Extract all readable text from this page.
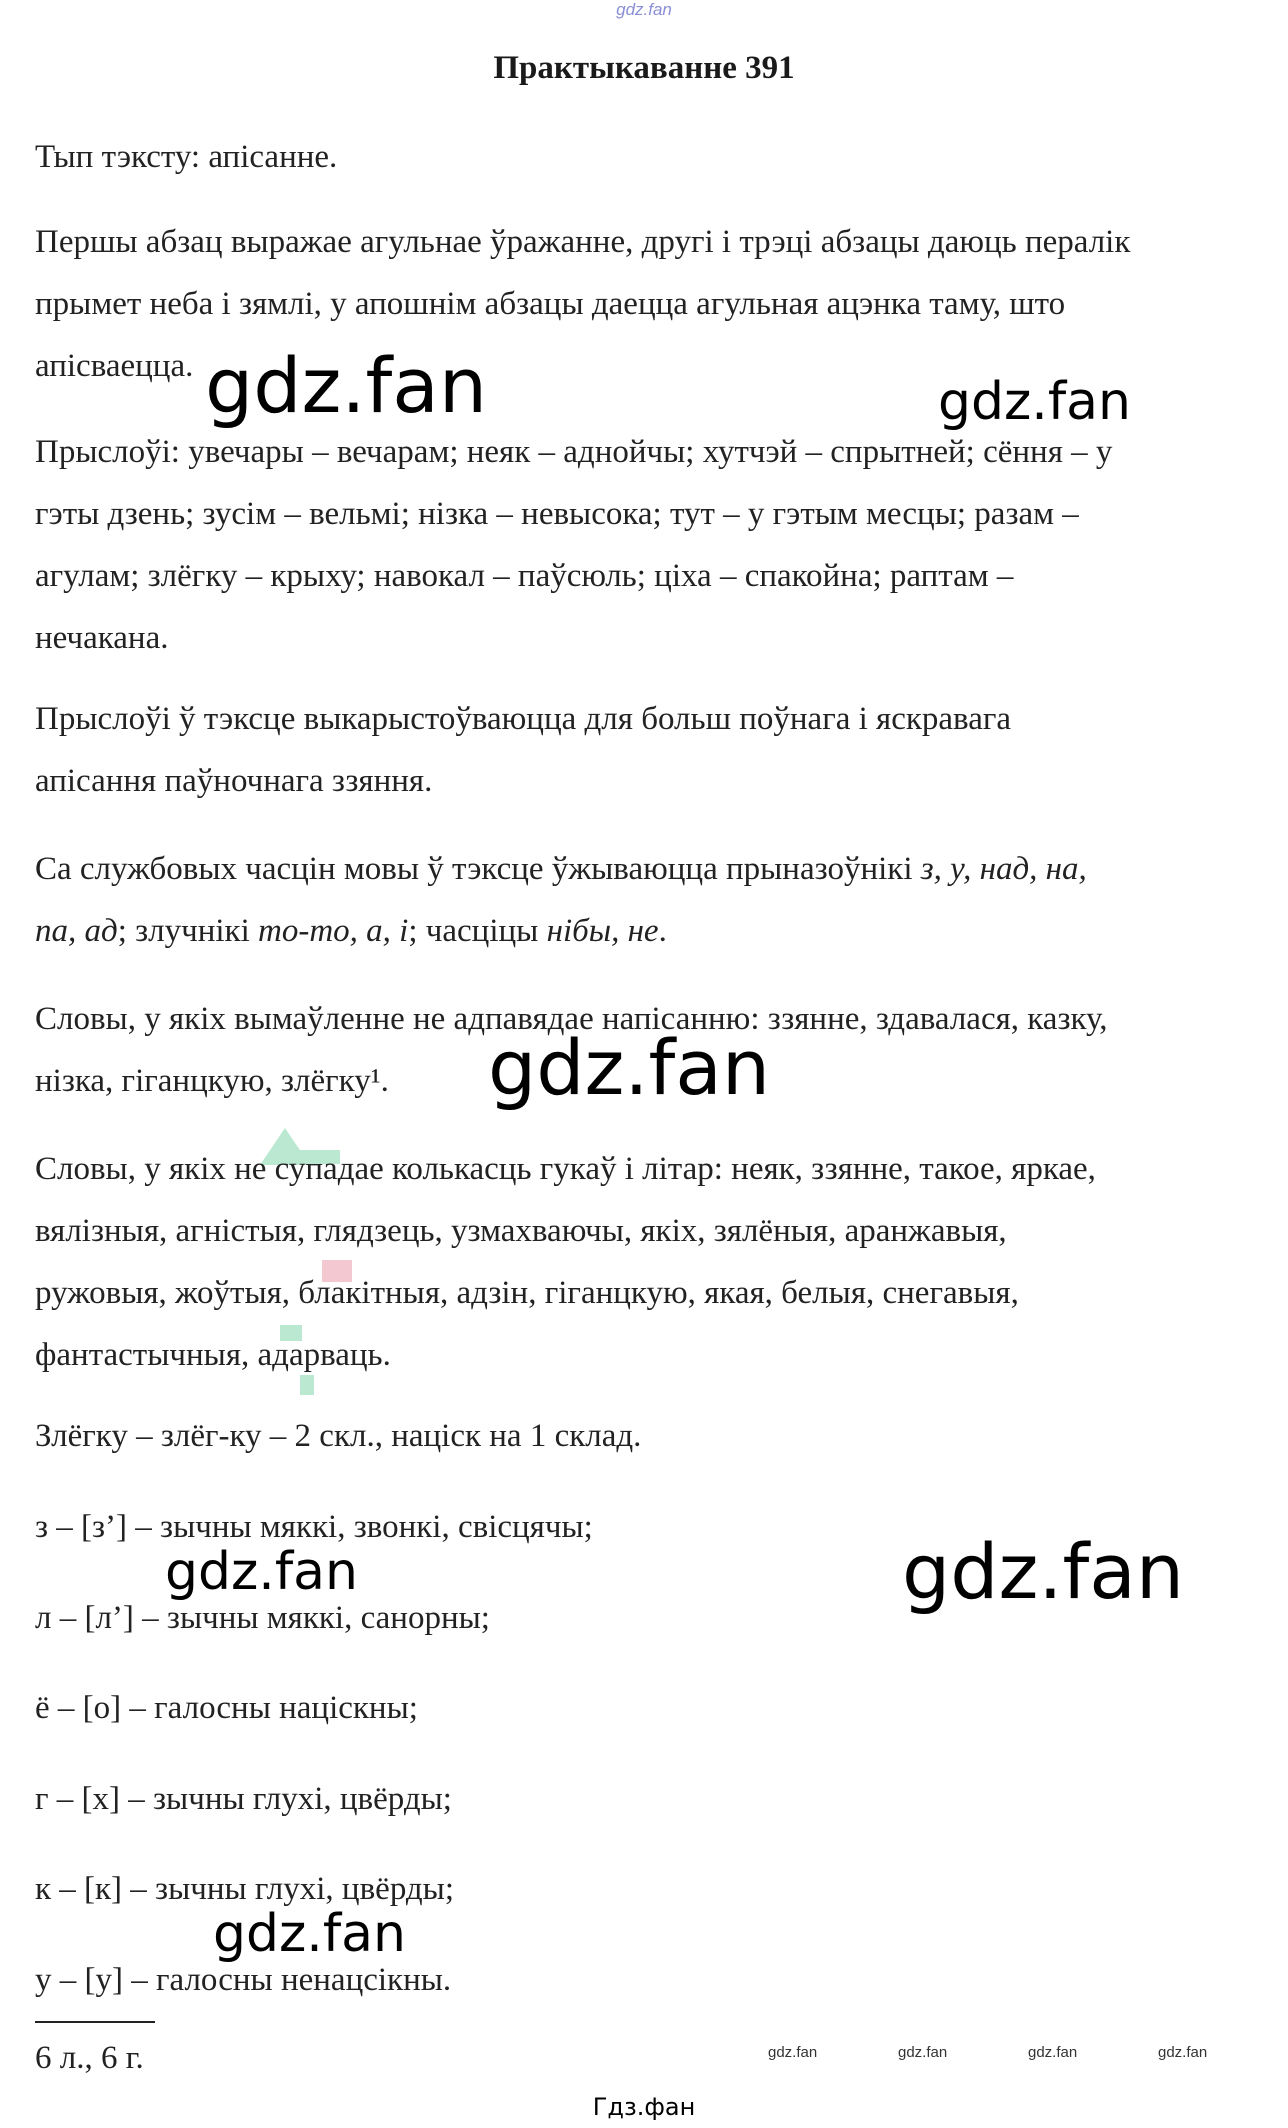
gdz.fan
Практыкаванне 391
Тып тэксту: апісанне.
Першы абзац выражае агульнае ўражанне, другі і трэці абзацы даюць пералік
прымет неба і зямлі, у апошнім абзацы даецца агульная ацэнка таму, што
апісваецца.
Прыслоўі: увечары – вечарам; неяк – аднойчы; хутчэй – спрытней; сёння – у
гэты дзень; зусім – вельмі; нізка – невысока; тут – у гэтым месцы; разам –
агулам; злёгку – крыху; навокал – паўсюль; ціха – спакойна; раптам –
нечакана.
Прыслоўі ў тэксце выкарыстоўваюцца для больш поўнага і яскравага
апісання паўночнага ззяння.
Са службовых часцін мовы ў тэксце ўжываюцца прыназоўнікі з, у, над, на,
па, ад; злучнікі то-то, а, і; часціцы нібы, не.
Словы, у якіх вымаўленне не адпавядае напісанню: ззянне, здавалася, казку,
нізка, гіганцкую, злёгку¹.
Словы, у якіх не супадае колькасць гукаў і літар: неяк, ззянне, такое, яркае,
вялізныя, агністыя, глядзець, узмахваючы, якіх, зялёныя, аранжавыя,
ружовыя, жоўтыя, блакітныя, адзін, гіганцкую, якая, белыя, снегавыя,
фантастычныя, адарваць.
Злёгку – злёг-ку – 2 скл., націск на 1 склад.
з – [з’] – зычны мяккі, звонкі, свісцячы;
л – [л’] – зычны мяккі, санорны;
ё – [о] – галосны націскны;
г – [х] – зычны глухі, цвёрды;
к – [к] – зычны глухі, цвёрды;
у – [у] – галосны ненацсікны.
6 л., 6 г.
gdz.fan	gdz.fan
gdz.fan
gdz.fan	gdz.fan
gdz.fan
gdz.fan	gdz.fan	gdz.fan	gdz.fan
Гдз.фан
